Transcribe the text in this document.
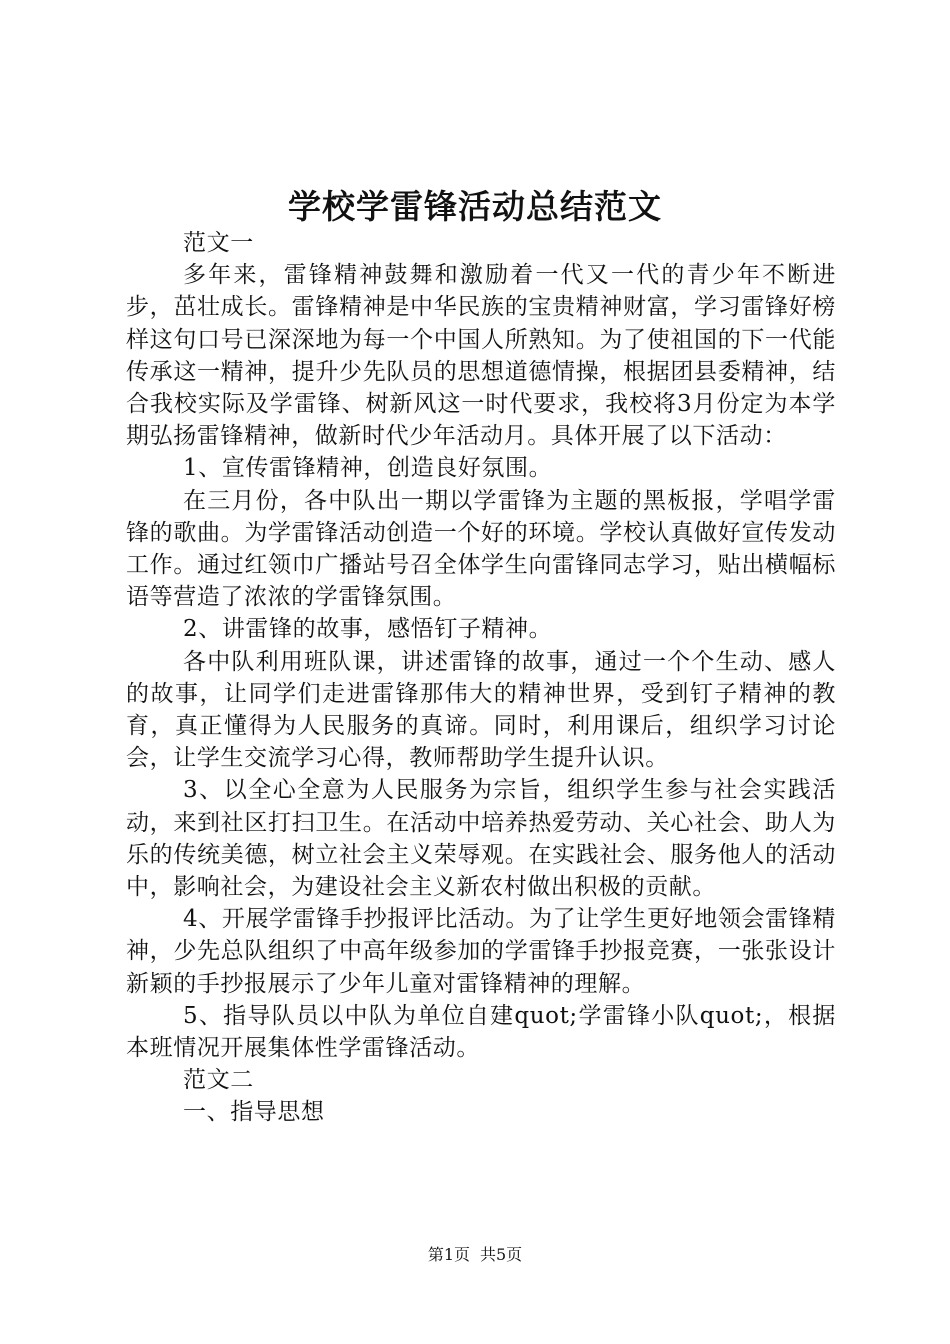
学校学雷锋活动总结范文

范文一

多年来，雷锋精神鼓舞和激励着一代又一代的青少年不断进步，茁壮成长。雷锋精神是中华民族的宝贵精神财富，学习雷锋好榜样这句口号已深深地为每一个中国人所熟知。为了使祖国的下一代能传承这一精神，提升少先队员的思想道德情操，根据团县委精神，结合我校实际及学雷锋、树新风这一时代要求，我校将3月份定为本学期弘扬雷锋精神，做新时代少年活动月。具体开展了以下活动：

1、宣传雷锋精神，创造良好氛围。

在三月份，各中队出一期以学雷锋为主题的黑板报，学唱学雷锋的歌曲。为学雷锋活动创造一个好的环境。学校认真做好宣传发动工作。通过红领巾广播站号召全体学生向雷锋同志学习，贴出横幅标语等营造了浓浓的学雷锋氛围。

2、讲雷锋的故事，感悟钉子精神。

各中队利用班队课，讲述雷锋的故事，通过一个个生动、感人的故事，让同学们走进雷锋那伟大的精神世界，受到钉子精神的教育，真正懂得为人民服务的真谛。同时，利用课后，组织学习讨论会，让学生交流学习心得，教师帮助学生提升认识。

3、以全心全意为人民服务为宗旨，组织学生参与社会实践活动，来到社区打扫卫生。在活动中培养热爱劳动、关心社会、助人为乐的传统美德，树立社会主义荣辱观。在实践社会、服务他人的活动中，影响社会，为建设社会主义新农村做出积极的贡献。

4、开展学雷锋手抄报评比活动。为了让学生更好地领会雷锋精神，少先总队组织了中高年级参加的学雷锋手抄报竞赛，一张张设计新颖的手抄报展示了少年儿童对雷锋精神的理解。

5、指导队员以中队为单位自建quot;学雷锋小队quot;，根据本班情况开展集体性学雷锋活动。

范文二

一、指导思想

第1页 共5页
